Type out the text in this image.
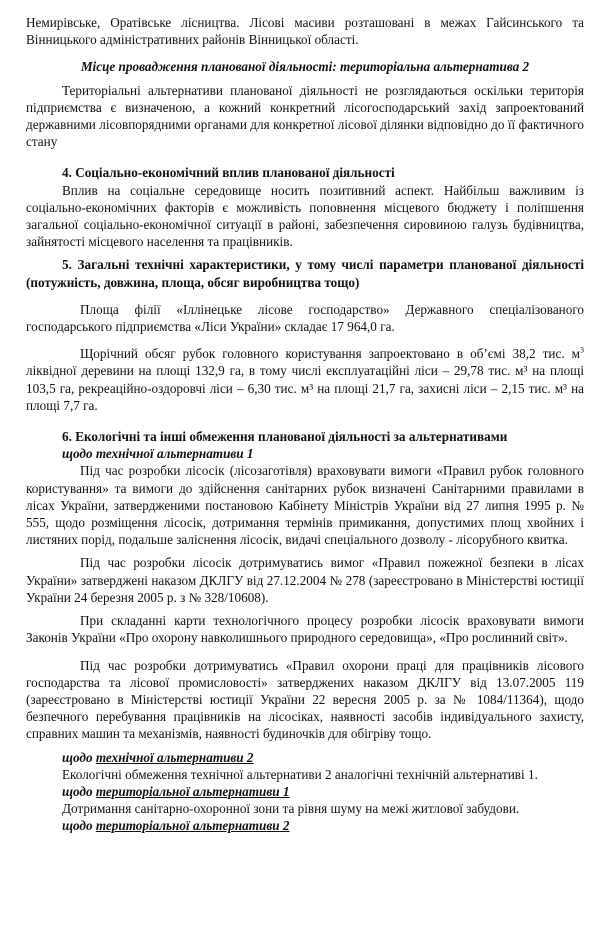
Немирівське, Оратівське лісництва. Лісові масиви розташовані в межах Гайсинського та Вінницького адміністративних районів Вінницької області.

Місце провадження планованої діяльності: територіальна альтернатива 2

Територіальні альтернативи планованої діяльності не розглядаються оскільки територія підприємства є визначеною, а кожний конкретний лісогосподарський захід запроектований державними лісовпорядними органами для конкретної лісової ділянки відповідно до її фактичного стану

4. Соціально-економічний вплив планованої діяльності

Вплив на соціальне середовище носить позитивний аспект. Найбільш важливим із соціально-економічних факторів є можливість поповнення місцевого бюджету і поліпшення загальної соціально-економічної ситуації в районі, забезпечення сировиною галузь будівництва, зайнятості місцевого населення та працівників.

5. Загальні технічні характеристики, у тому числі параметри планованої діяльності (потужність, довжина, площа, обсяг виробництва тощо)

Площа філії «Іллінецьке лісове господарство» Державного спеціалізованого господарського підприємства «Ліси України» складає 17 964,0 га.

Щорічний обсяг рубок головного користування запроектовано в об’ємі 38,2 тис. $м^3$ ліквідної деревини на площі 132,9 га, в тому числі експлуатаційні ліси – 29,78 тис. м³ на площі 103,5 га, рекреаційно-оздоровчі ліси – 6,30 тис. м³ на площі 21,7 га, захисні ліси – 2,15 тис. м³ на площі 7,7 га.

6. Екологічні та інші обмеження планованої діяльності за альтернативами

щодо технічної альтернативи 1

Під час розробки лісосік (лісозаготівля) враховувати вимоги «Правил рубок головного користування» та вимоги до здійснення санітарних рубок визначені Санітарними правилами в лісах України, затвердженими постановою Кабінету Міністрів України від 27 липня 1995 р. № 555, щодо розміщення лісосік, дотримання термінів примикання, допустимих площ хвойних і листяних порід, подальше заліснення лісосік, видачі спеціального дозволу - лісорубного квитка.

Під час розробки лісосік дотримуватись вимог «Правил пожежної безпеки в лісах України» затверджені наказом ДКЛГУ від 27.12.2004 № 278 (зареєстровано в Міністерстві юстиції України 24 березня 2005 р. з № 328/10608).

При складанні карти технологічного процесу розробки лісосік враховувати вимоги Законів України «Про охорону навколишнього природного середовища», «Про рослинний світ».

Під час розробки дотримуватись «Правил охорони праці для працівників лісового господарства та лісової промисловості» затверджених наказом ДКЛГУ від 13.07.2005 119 (зареєстровано в Міністерстві юстиції України 22 вересня 2005 р. за № 1084/11364), щодо безпечного перебування працівників на лісосіках, наявності засобів індивідуального захисту, справних машин та механізмів, наявності будиночків для обігріву тощо.

щодо технічної альтернативи 2

Екологічні обмеження технічної альтернативи 2 аналогічні технічній альтернативі 1.

щодо територіальної альтернативи 1

Дотримання санітарно-охоронної зони та рівня шуму на межі житлової забудови.

щодо територіальної альтернативи 2
